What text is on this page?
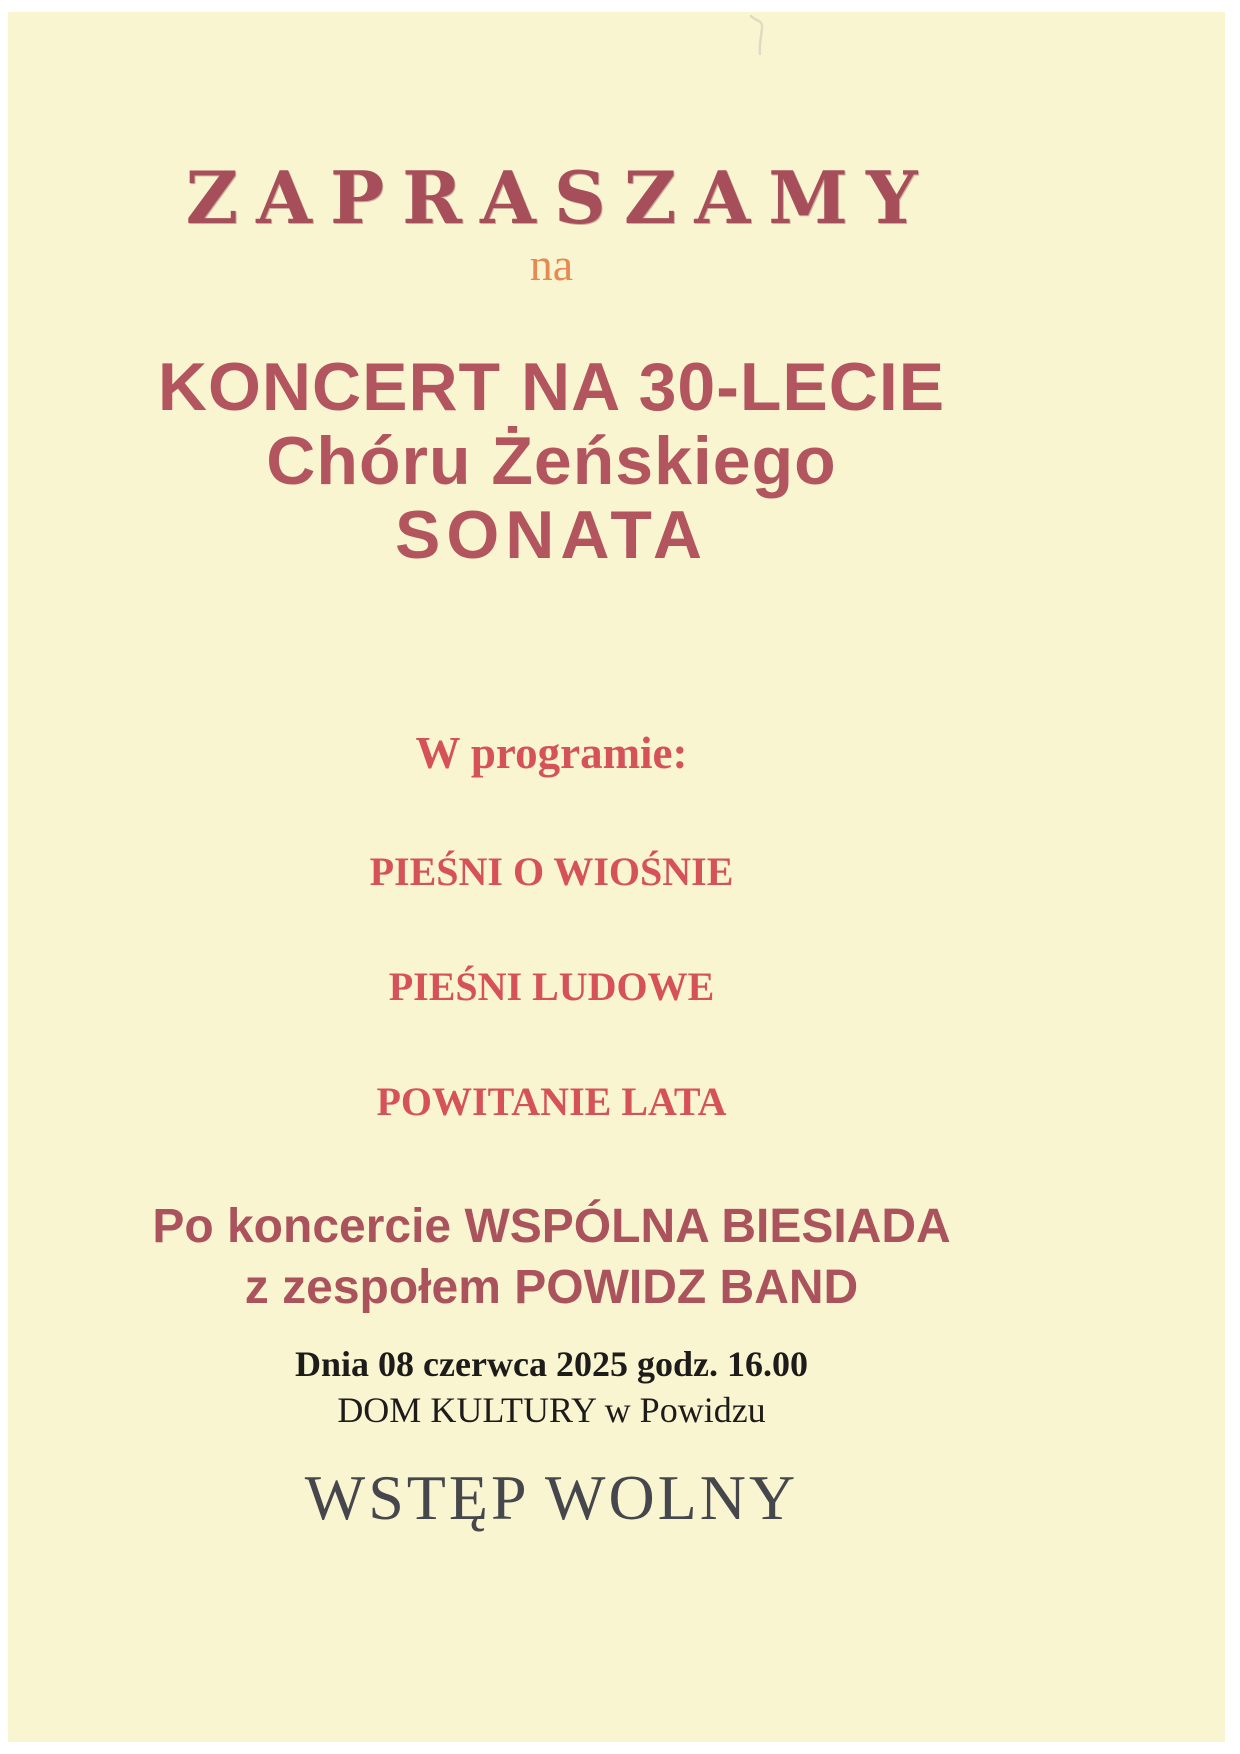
ZAPRASZAMY
na
KONCERT NA 30-LECIE
Chóru Żeńskiego
SONATA
W programie:
PIEŚNI O WIOŚNIE
PIEŚNI LUDOWE
POWITANIE LATA
Po koncercie WSPÓLNA BIESIADA
z zespołem POWIDZ BAND
Dnia 08 czerwca 2025 godz. 16.00
DOM KULTURY w Powidzu
WSTĘP WOLNY
